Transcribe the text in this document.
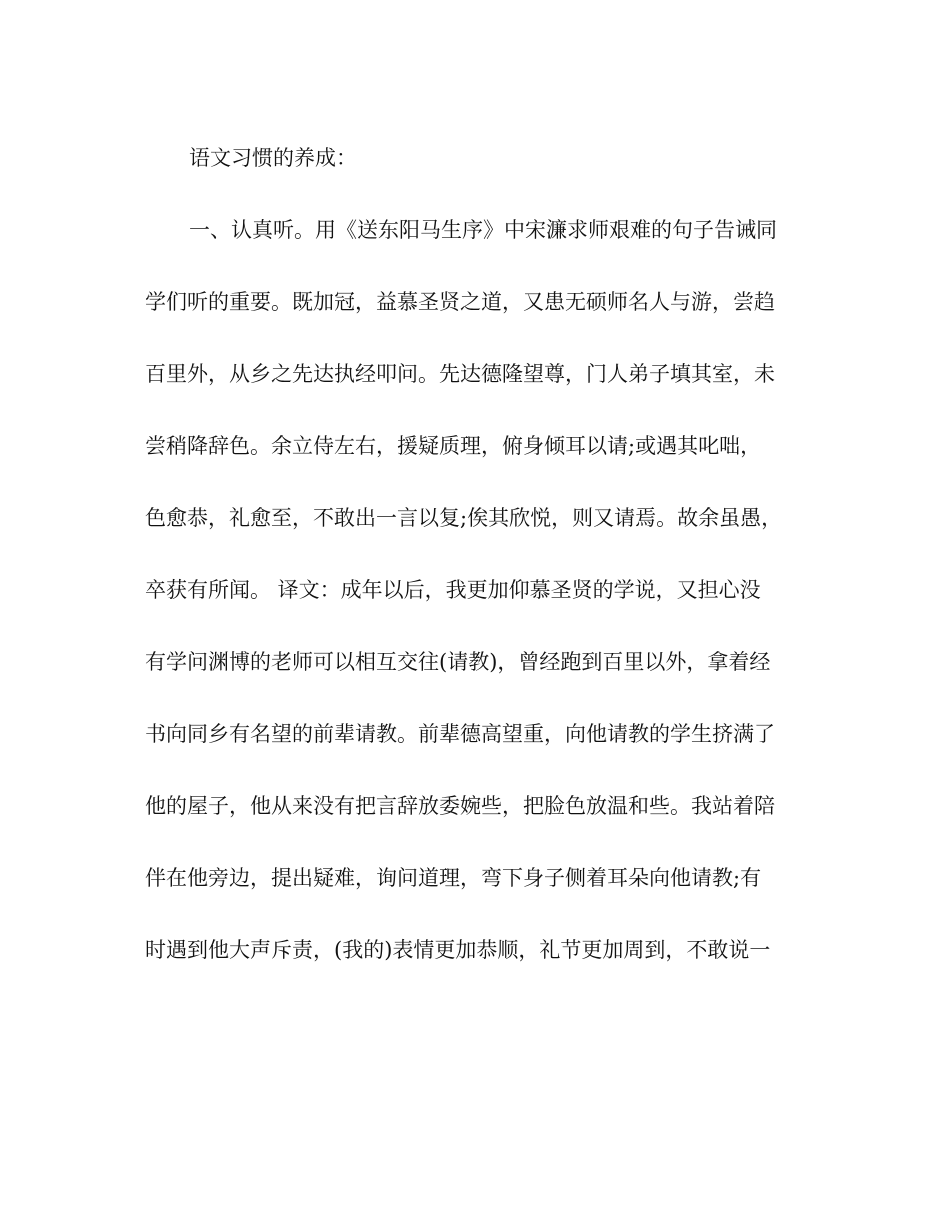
语文习惯的养成：
一、认真听。用《送东阳马生序》中宋濂求师艰难的句子告诫同
学们听的重要。既加冠，益慕圣贤之道，又患无硕师名人与游，尝趋
百里外，从乡之先达执经叩问。先达德隆望尊，门人弟子填其室，未
尝稍降辞色。余立侍左右，援疑质理，俯身倾耳以请;或遇其叱咄，
色愈恭，礼愈至，不敢出一言以复;俟其欣悦，则又请焉。故余虽愚，
卒获有所闻。 译文：成年以后，我更加仰慕圣贤的学说，又担心没
有学问渊博的老师可以相互交往(请教)，曾经跑到百里以外，拿着经
书向同乡有名望的前辈请教。前辈德高望重，向他请教的学生挤满了
他的屋子，他从来没有把言辞放委婉些，把脸色放温和些。我站着陪
伴在他旁边，提出疑难，询问道理，弯下身子侧着耳朵向他请教;有
时遇到他大声斥责，(我的)表情更加恭顺，礼节更加周到，不敢说一
